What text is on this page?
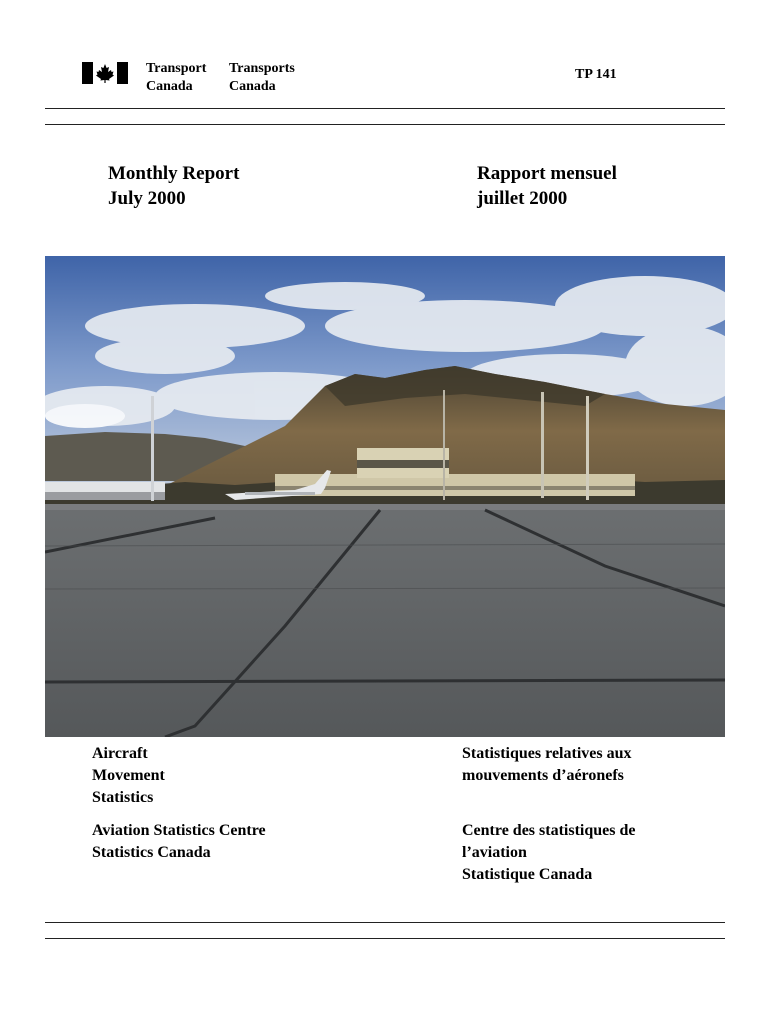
Transport
Canada
Transports
Canada
TP 141
Monthly Report
July 2000
Rapport mensuel
juillet 2000
Aircraft
Movement
Statistics
Statistiques relatives aux
mouvements d’aéronefs
Aviation Statistics Centre
Statistics Canada
Centre des statistiques de
l’aviation
Statistique Canada
